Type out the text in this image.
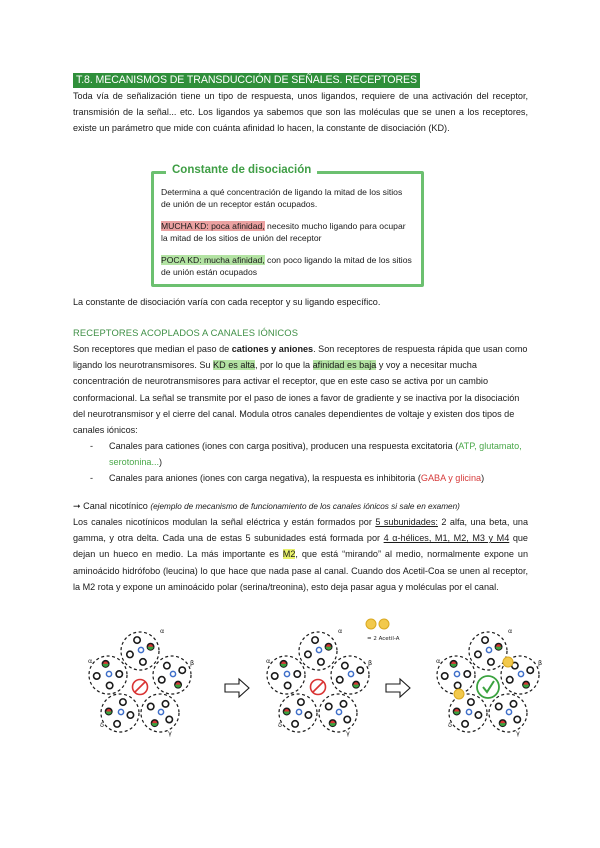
T.8. MECANISMOS DE TRANSDUCCIÓN DE SEÑALES. RECEPTORES

Toda vía de señalización tiene un tipo de respuesta, unos ligandos, requiere de una activación del receptor, transmisión de la señal... etc. Los ligandos ya sabemos que son las moléculas que se unen a los receptores, existe un parámetro que mide con cuánta afinidad lo hacen, la constante de disociación (KD).

Determina a qué concentración de ligando la mitad de los sitios de unión de un receptor están ocupados.

MUCHA KD: poca afinidad, necesito mucho ligando para ocupar la mitad de los sitios de unión del receptor

POCA KD: mucha afinidad, con poco ligando la mitad de los sitios de unión están ocupados

Constante de disociación

La constante de disociación varía con cada receptor y su ligando específico.

RECEPTORES ACOPLADOS A CANALES IÓNICOS

Son receptores que median el paso de cationes y aniones. Son receptores de respuesta rápida que usan como ligando los neurotransmisores. Su KD es alta, por lo que la afinidad es baja y voy a necesitar mucha concentración de neurotransmisores para activar el receptor, que en este caso se activa por un cambio conformacional. La señal se transmite por el paso de iones a favor de gradiente y se inactiva por la disociación del neurotransmisor y el cierre del canal. Modula otros canales dependientes de voltaje y existen dos tipos de canales iónicos:

- Canales para cationes (iones con carga positiva), producen una respuesta excitatoria (ATP, glutamato, serotonina...)
- Canales para aniones (iones con carga negativa), la respuesta es inhibitoria (GABA y glicina)
➞ Canal nicotínico (ejemplo de mecanismo de funcionamiento de los canales iónicos si sale en examen)

Los canales nicotínicos modulan la señal eléctrica y están formados por 5 subunidades: 2 alfa, una beta, una gamma, y otra delta. Cada una de estas 5 subunidades está formada por 4 α-hélices, M1, M2, M3 y M4 que dejan un hueco en medio. La más importante es M2, que está “mirando” al medio, normalmente expone un aminoácido hidrófobo (leucina) lo que hace que nada pase al canal. Cuando dos Acetil-Coa se unen al receptor, la M2 rota y expone un aminoácido polar (serina/treonina), esto deja pasar agua y moléculas por el canal.

α
β
γ
δ
α
α
β
γ
δ
α
α
β
γ
δ
α
= 2 Acetil-A
